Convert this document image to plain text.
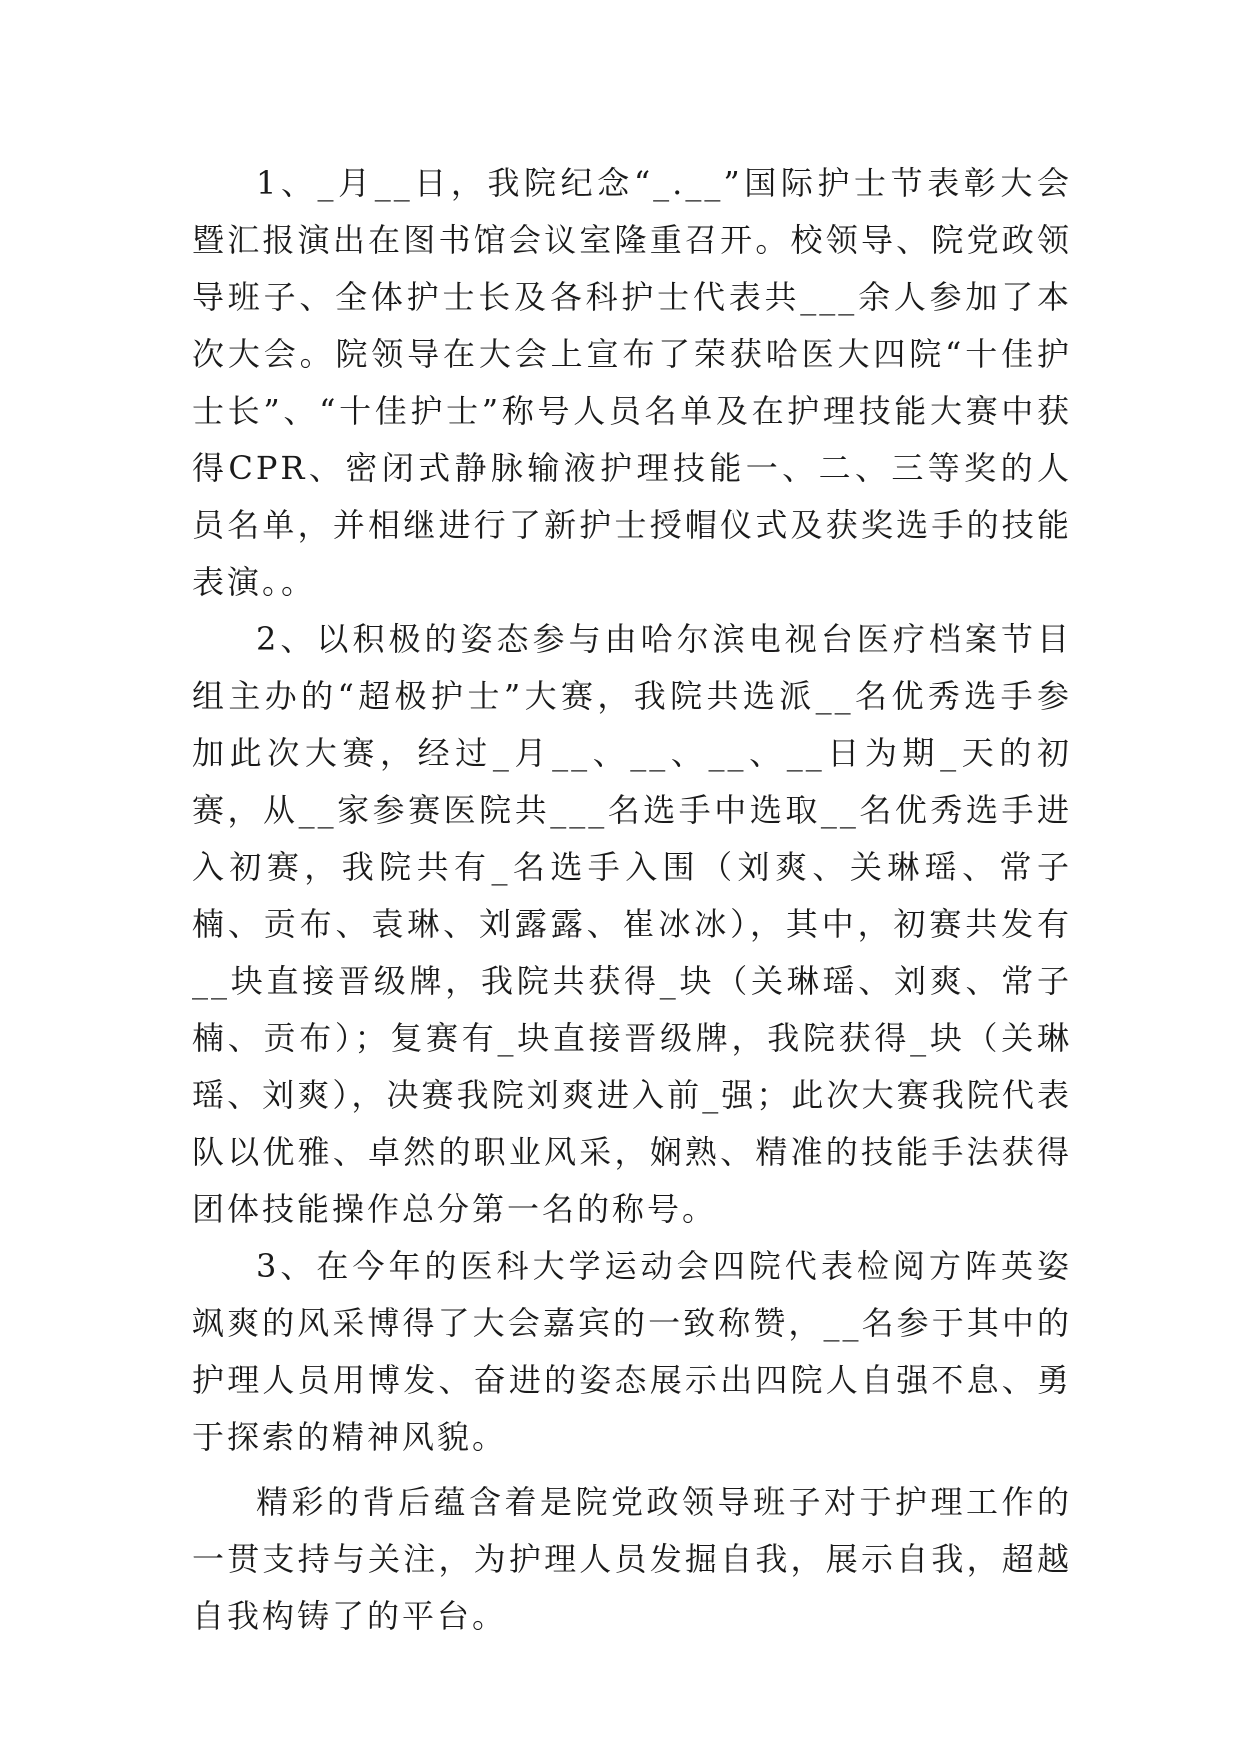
1、_月__日，我院纪念“_.__”国际护士节表彰大会暨汇报演出在图书馆会议室隆重召开。校领导、院党政领导班子、全体护士长及各科护士代表共___余人参加了本次大会。院领导在大会上宣布了荣获哈医大四院“十佳护士长”、“十佳护士”称号人员名单及在护理技能大赛中获得CPR、密闭式静脉输液护理技能一、二、三等奖的人员名单，并相继进行了新护士授帽仪式及获奖选手的技能表演。。

2、以积极的姿态参与由哈尔滨电视台医疗档案节目组主办的“超极护士”大赛，我院共选派__名优秀选手参加此次大赛，经过_月__、__、__、__日为期_天的初赛，从__家参赛医院共___名选手中选取__名优秀选手进入初赛，我院共有_名选手入围（刘爽、关琳瑶、常子楠、贡布、袁琳、刘露露、崔冰冰），其中，初赛共发有__块直接晋级牌，我院共获得_块（关琳瑶、刘爽、常子楠、贡布）；复赛有_块直接晋级牌，我院获得_块（关琳瑶、刘爽），决赛我院刘爽进入前_强；此次大赛我院代表队以优雅、卓然的职业风采，娴熟、精准的技能手法获得团体技能操作总分第一名的称号。

3、在今年的医科大学运动会四院代表检阅方阵英姿飒爽的风采博得了大会嘉宾的一致称赞，__名参于其中的护理人员用博发、奋进的姿态展示出四院人自强不息、勇于探索的精神风貌。

精彩的背后蕴含着是院党政领导班子对于护理工作的一贯支持与关注，为护理人员发掘自我，展示自我，超越自我构铸了的平台。
